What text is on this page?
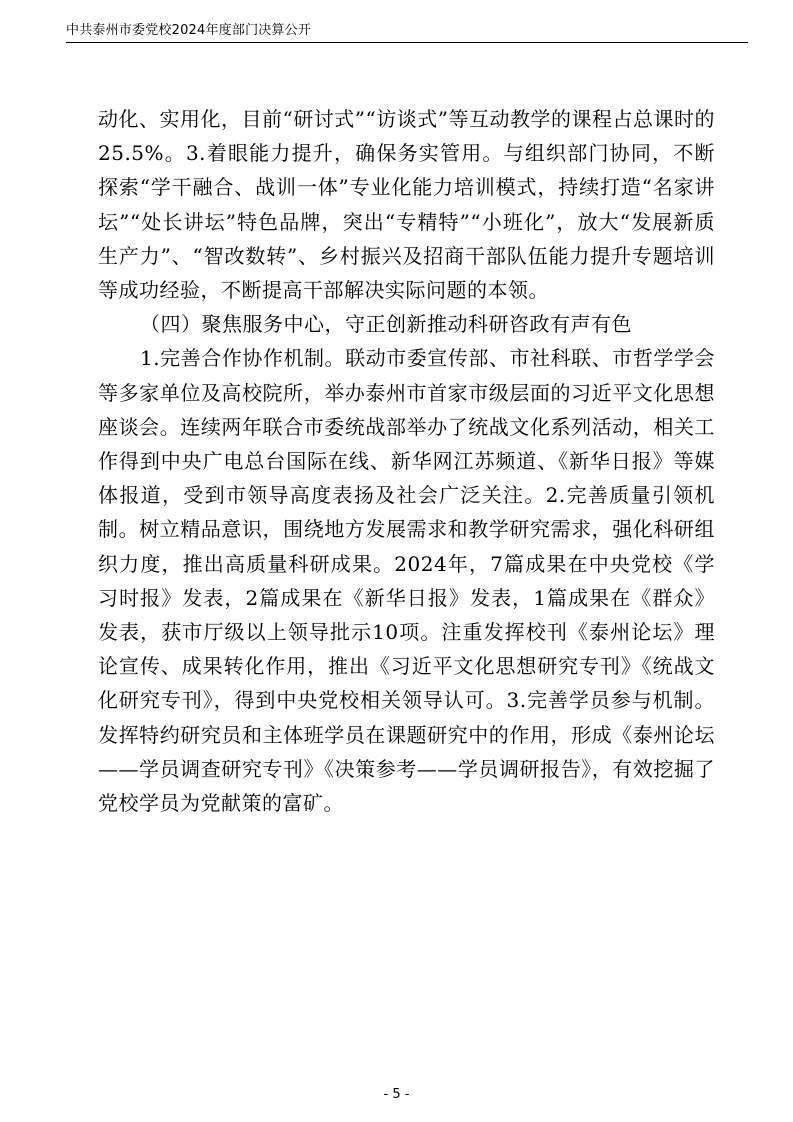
中共泰州市委党校2024年度部门决算公开

动化、实用化，目前“研讨式”“访谈式”等互动教学的课程占总课时的25.5%。3.着眼能力提升，确保务实管用。与组织部门协同，不断探索“学干融合、战训一体”专业化能力培训模式，持续打造“名家讲坛”“处长讲坛”特色品牌，突出“专精特”“小班化”，放大“发展新质生产力”、“智改数转”、乡村振兴及招商干部队伍能力提升专题培训等成功经验，不断提高干部解决实际问题的本领。

（四）聚焦服务中心，守正创新推动科研咨政有声有色

1.完善合作协作机制。联动市委宣传部、市社科联、市哲学学会等多家单位及高校院所，举办泰州市首家市级层面的习近平文化思想座谈会。连续两年联合市委统战部举办了统战文化系列活动，相关工作得到中央广电总台国际在线、新华网江苏频道、《新华日报》等媒体报道，受到市领导高度表扬及社会广泛关注。2.完善质量引领机制。树立精品意识，围绕地方发展需求和教学研究需求，强化科研组织力度，推出高质量科研成果。2024年，7篇成果在中央党校《学习时报》发表，2篇成果在《新华日报》发表，1篇成果在《群众》发表，获市厅级以上领导批示10项。注重发挥校刊《泰州论坛》理论宣传、成果转化作用，推出《习近平文化思想研究专刊》《统战文化研究专刊》，得到中央党校相关领导认可。3.完善学员参与机制。发挥特约研究员和主体班学员在课题研究中的作用，形成《泰州论坛——学员调查研究专刊》《决策参考——学员调研报告》，有效挖掘了党校学员为党献策的富矿。

- 5 -
